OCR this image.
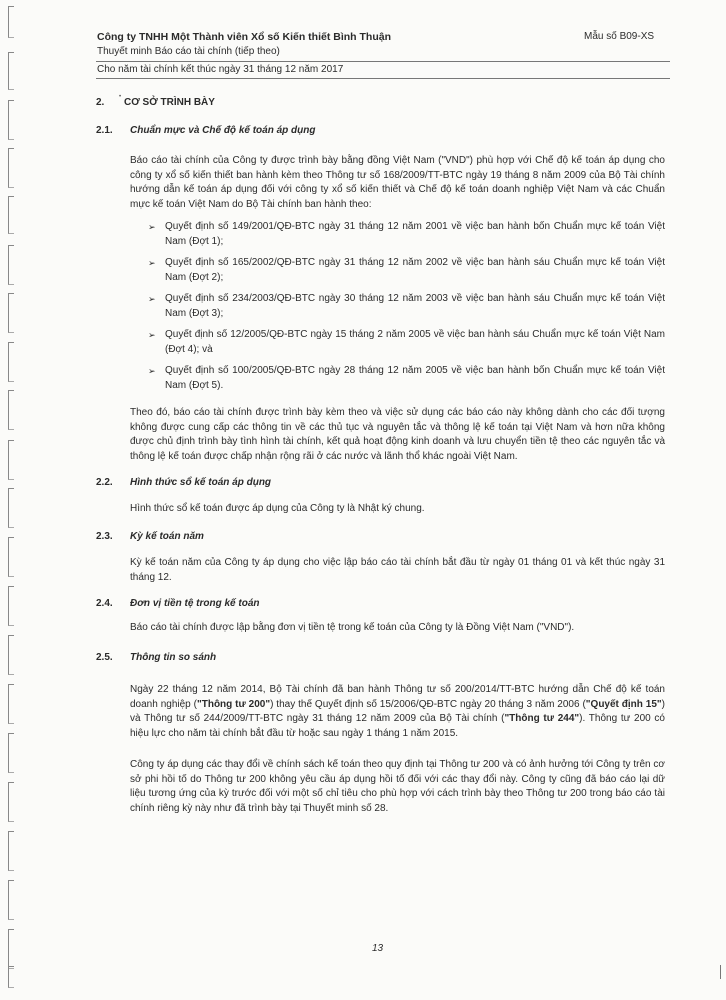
Công ty TNHH Một Thành viên Xổ số Kiến thiết Bình Thuận	Mẫu số B09-XS
Thuyết minh Báo cáo tài chính (tiếp theo)
Cho năm tài chính kết thúc ngày 31 tháng 12 năm 2017
2. CƠ SỞ TRÌNH BÀY
•
2.1. Chuẩn mực và Chế độ kế toán áp dụng
Báo cáo tài chính của Công ty được trình bày bằng đồng Việt Nam ("VND") phù hợp với Chế độ kế toán áp dụng cho công ty xổ số kiến thiết ban hành kèm theo Thông tư số 168/2009/TT-BTC ngày 19 tháng 8 năm 2009 của Bộ Tài chính hướng dẫn kế toán áp dụng đối với công ty xổ số kiến thiết và Chế độ kế toán doanh nghiệp Việt Nam và các Chuẩn mực kế toán Việt Nam do Bộ Tài chính ban hành theo:
➢ Quyết định số 149/2001/QĐ-BTC ngày 31 tháng 12 năm 2001 về việc ban hành bốn Chuẩn mực kế toán Việt Nam (Đợt 1);
➢ Quyết định số 165/2002/QĐ-BTC ngày 31 tháng 12 năm 2002 về việc ban hành sáu Chuẩn mực kế toán Việt Nam (Đợt 2);
➢ Quyết định số 234/2003/QĐ-BTC ngày 30 tháng 12 năm 2003 về việc ban hành sáu Chuẩn mực kế toán Việt Nam (Đợt 3);
➢ Quyết định số 12/2005/QĐ-BTC ngày 15 tháng 2 năm 2005 về việc ban hành sáu Chuẩn mực kế toán Việt Nam (Đợt 4); và
➢ Quyết định số 100/2005/QĐ-BTC ngày 28 tháng 12 năm 2005 về việc ban hành bốn Chuẩn mực kế toán Việt Nam (Đợt 5).
Theo đó, báo cáo tài chính được trình bày kèm theo và việc sử dụng các báo cáo này không dành cho các đối tượng không được cung cấp các thông tin về các thủ tục và nguyên tắc và thông lệ kế toán tại Việt Nam và hơn nữa không được chủ định trình bày tình hình tài chính, kết quả hoạt động kinh doanh và lưu chuyển tiền tệ theo các nguyên tắc và thông lệ kế toán được chấp nhận rộng rãi ở các nước và lãnh thổ khác ngoài Việt Nam.
2.2. Hình thức sổ kế toán áp dụng
Hình thức sổ kế toán được áp dụng của Công ty là Nhật ký chung.
2.3. Kỳ kế toán năm
Kỳ kế toán năm của Công ty áp dụng cho việc lập báo cáo tài chính bắt đầu từ ngày 01 tháng 01 và kết thúc ngày 31 tháng 12.
2.4. Đơn vị tiền tệ trong kế toán
Báo cáo tài chính được lập bằng đơn vị tiền tệ trong kế toán của Công ty là Đồng Việt Nam ("VND").
2.5. Thông tin so sánh
Ngày 22 tháng 12 năm 2014, Bộ Tài chính đã ban hành Thông tư số 200/2014/TT-BTC hướng dẫn Chế độ kế toán doanh nghiệp ("Thông tư 200") thay thế Quyết định số 15/2006/QĐ-BTC ngày 20 tháng 3 năm 2006 ("Quyết định 15") và Thông tư số 244/2009/TT-BTC ngày 31 tháng 12 năm 2009 của Bộ Tài chính ("Thông tư 244"). Thông tư 200 có hiệu lực cho năm tài chính bắt đầu từ hoặc sau ngày 1 tháng 1 năm 2015.
Công ty áp dụng các thay đổi về chính sách kế toán theo quy định tại Thông tư 200 và có ảnh hưởng tới Công ty trên cơ sở phi hồi tố do Thông tư 200 không yêu cầu áp dụng hồi tố đối với các thay đổi này. Công ty cũng đã báo cáo lại dữ liệu tương ứng của kỳ trước đối với một số chỉ tiêu cho phù hợp với cách trình bày theo Thông tư 200 trong báo cáo tài chính riêng kỳ này như đã trình bày tại Thuyết minh số 28.
13
